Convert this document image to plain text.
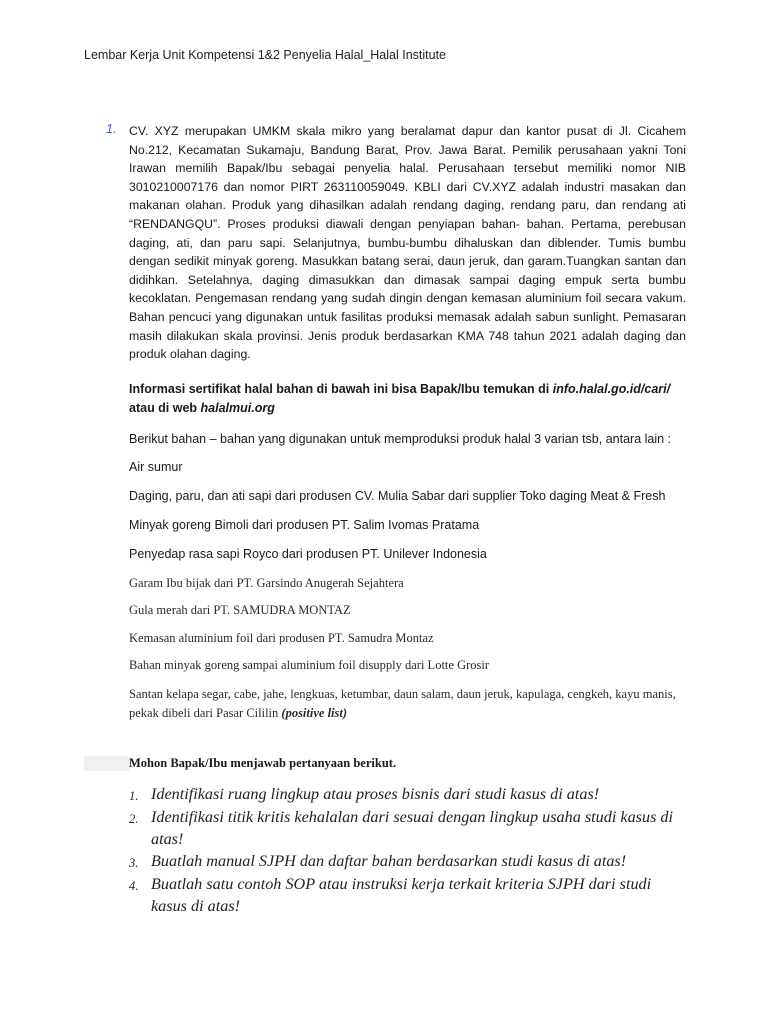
Lembar Kerja Unit Kompetensi 1&2 Penyelia Halal_Halal Institute
1. CV. XYZ merupakan UMKM skala mikro yang beralamat dapur dan kantor pusat di Jl. Cicahem No.212, Kecamatan Sukamaju, Bandung Barat, Prov. Jawa Barat. Pemilik perusahaan yakni Toni Irawan memilih Bapak/Ibu sebagai penyelia halal. Perusahaan tersebut memiliki nomor NIB 3010210007176 dan nomor PIRT 263110059049. KBLI dari CV.XYZ adalah industri masakan dan makanan olahan. Produk yang dihasilkan adalah rendang daging, rendang paru, dan rendang ati “RENDANGQU”. Proses produksi diawali dengan penyiapan bahan- bahan. Pertama, perebusan daging, ati, dan paru sapi. Selanjutnya, bumbu-bumbu dihaluskan dan diblender. Tumis bumbu dengan sedikit minyak goreng. Masukkan batang serai, daun jeruk, dan garam.Tuangkan santan dan didihkan. Setelahnya, daging dimasukkan dan dimasak sampai daging empuk serta bumbu kecoklatan. Pengemasan rendang yang sudah dingin dengan kemasan aluminium foil secara vakum. Bahan pencuci yang digunakan untuk fasilitas produksi memasak adalah sabun sunlight. Pemasaran masih dilakukan skala provinsi. Jenis produk berdasarkan KMA 748 tahun 2021 adalah daging dan produk olahan daging.
Informasi sertifikat halal bahan di bawah ini bisa Bapak/Ibu temukan di info.halal.go.id/cari/ atau di web halalmui.org
Berikut bahan – bahan yang digunakan untuk memproduksi produk halal 3 varian tsb, antara lain :
Air sumur
Daging, paru, dan ati sapi dari produsen CV. Mulia Sabar dari supplier Toko daging Meat & Fresh
Minyak goreng Bimoli dari produsen PT. Salim Ivomas Pratama
Penyedap rasa sapi Royco dari produsen PT. Unilever Indonesia
Garam Ibu bijak dari PT. Garsindo Anugerah Sejahtera
Gula merah dari PT. SAMUDRA MONTAZ
Kemasan aluminium foil dari produsen PT. Samudra Montaz
Bahan minyak goreng sampai aluminium foil disupply dari Lotte Grosir
Santan kelapa segar, cabe, jahe, lengkuas, ketumbar, daun salam, daun jeruk, kapulaga, cengkeh, kayu manis, pekak dibeli dari Pasar Cililin (positive list)
Mohon Bapak/Ibu menjawab pertanyaan berikut.
1. Identifikasi ruang lingkup atau proses bisnis dari studi kasus di atas!
2. Identifikasi titik kritis kehalalan dari sesuai dengan lingkup usaha studi kasus di atas!
3. Buatlah manual SJPH dan daftar bahan berdasarkan studi kasus di atas!
4. Buatlah satu contoh SOP atau instruksi kerja terkait kriteria SJPH dari studi kasus di atas!
